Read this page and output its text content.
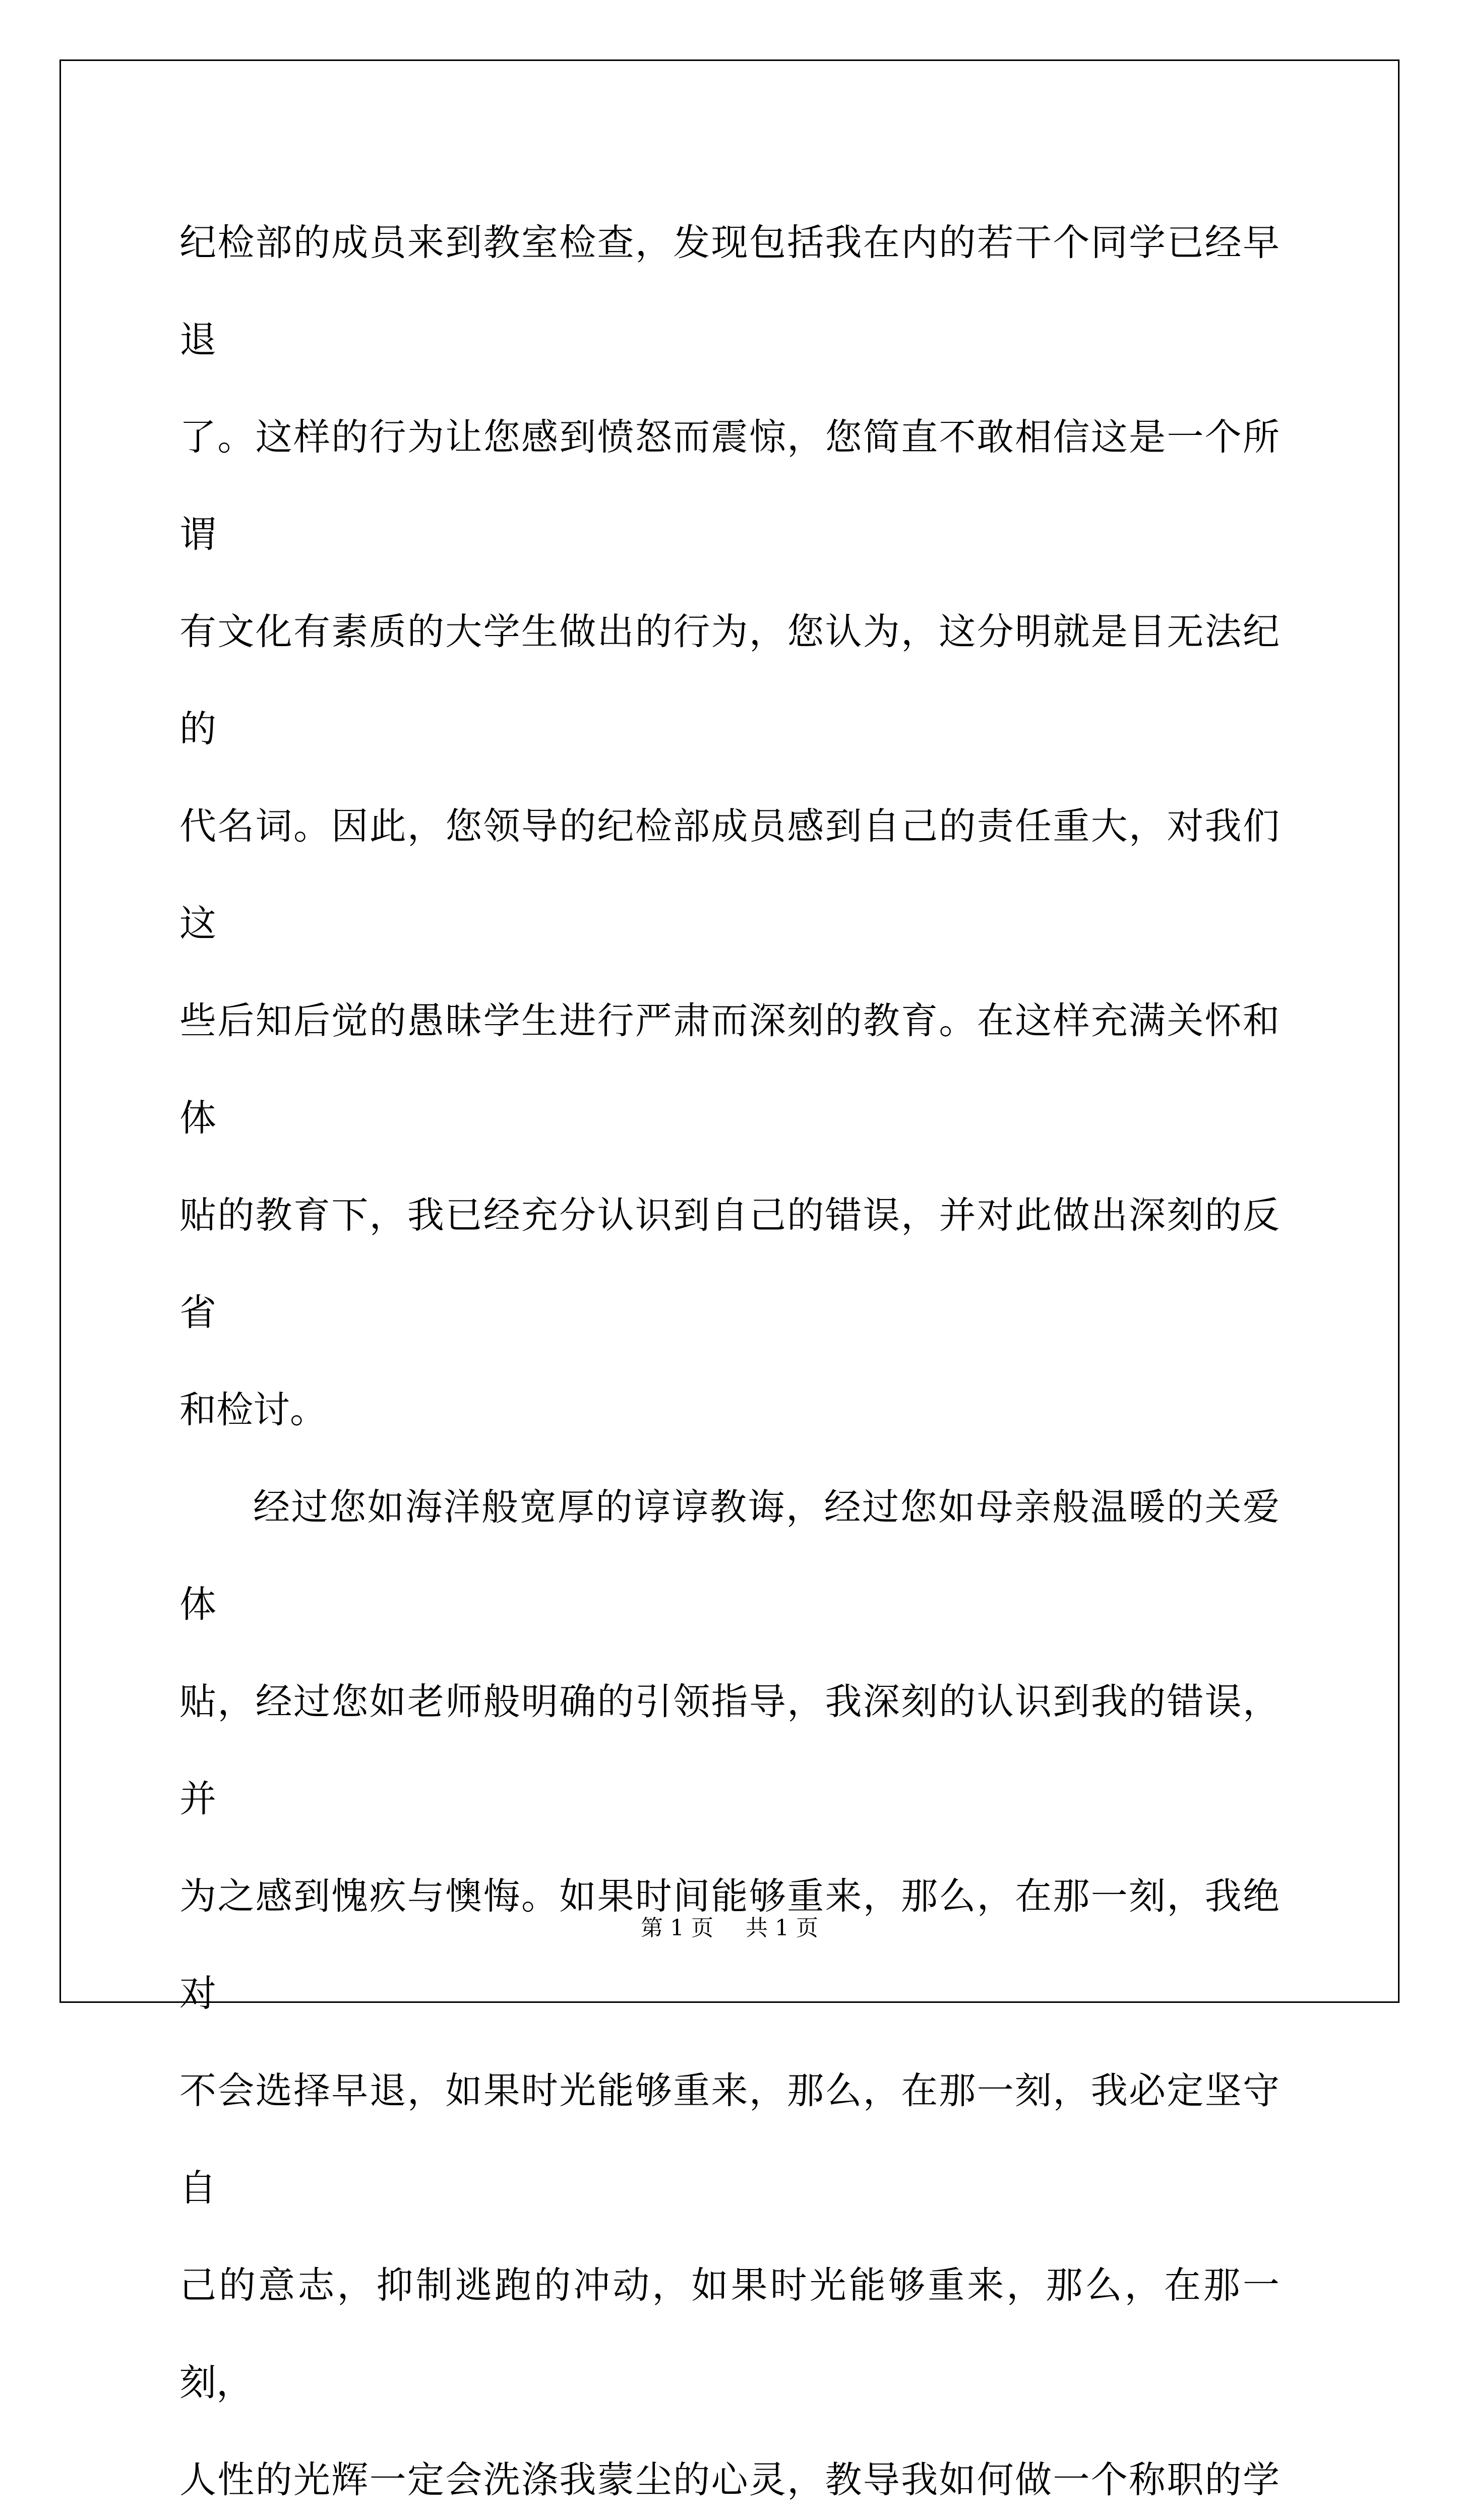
纪检部的成员来到教室检查，发现包括我在内的若干个同学已经早退
了。这样的行为让您感到愤怒而震惊，您简直不敢相信这是一个所谓
有文化有素质的大学生做出的行为，您认为，这分明就是目无法纪的
代名词。因此，您领导的纪检部成员感到自己的责任重大，对我们这
些后知后觉的愚昧学生进行严肃而深刻的教育。在这样充满关怀和体
贴的教育下，我已经充分认识到自己的错误，并对此做出深刻的反省
和检讨。

经过您如海洋般宽厚的谆谆教诲，经过您如母亲般温暖的关爱体
贴，经过您如老师般明确的引领指导，我深刻的认识到我的错误，并
为之感到愧疚与懊悔。如果时间能够重来，那么，在那一刻，我绝对
不会选择早退，如果时光能够重来，那么，在那一刻，我必定坚守自
己的意志，抑制逃跑的冲动，如果时光能够重来，那么，在那一刻，
人性的光辉一定会洗涤我蒙尘的心灵，教导我如何做一个称职的学

第 1 页 共 1 页
